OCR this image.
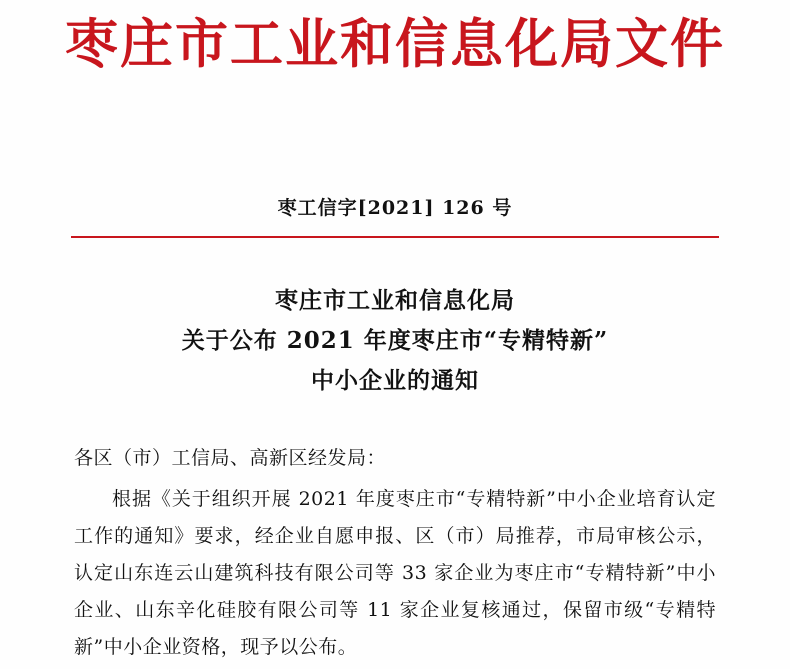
枣庄市工业和信息化局文件
枣工信字[2021] 126 号
枣庄市工业和信息化局
关于公布 2021 年度枣庄市“专精特新”
中小企业的通知
各区（市）工信局、高新区经发局：
根据《关于组织开展 2021 年度枣庄市“专精特新”中小企业培育认定工作的通知》要求，经企业自愿申报、区（市）局推荐，市局审核公示，认定山东连云山建筑科技有限公司等 33 家企业为枣庄市“专精特新”中小企业、山东辛化硅胶有限公司等 11 家企业复核通过，保留市级“专精特新”中小企业资格，现予以公布。
